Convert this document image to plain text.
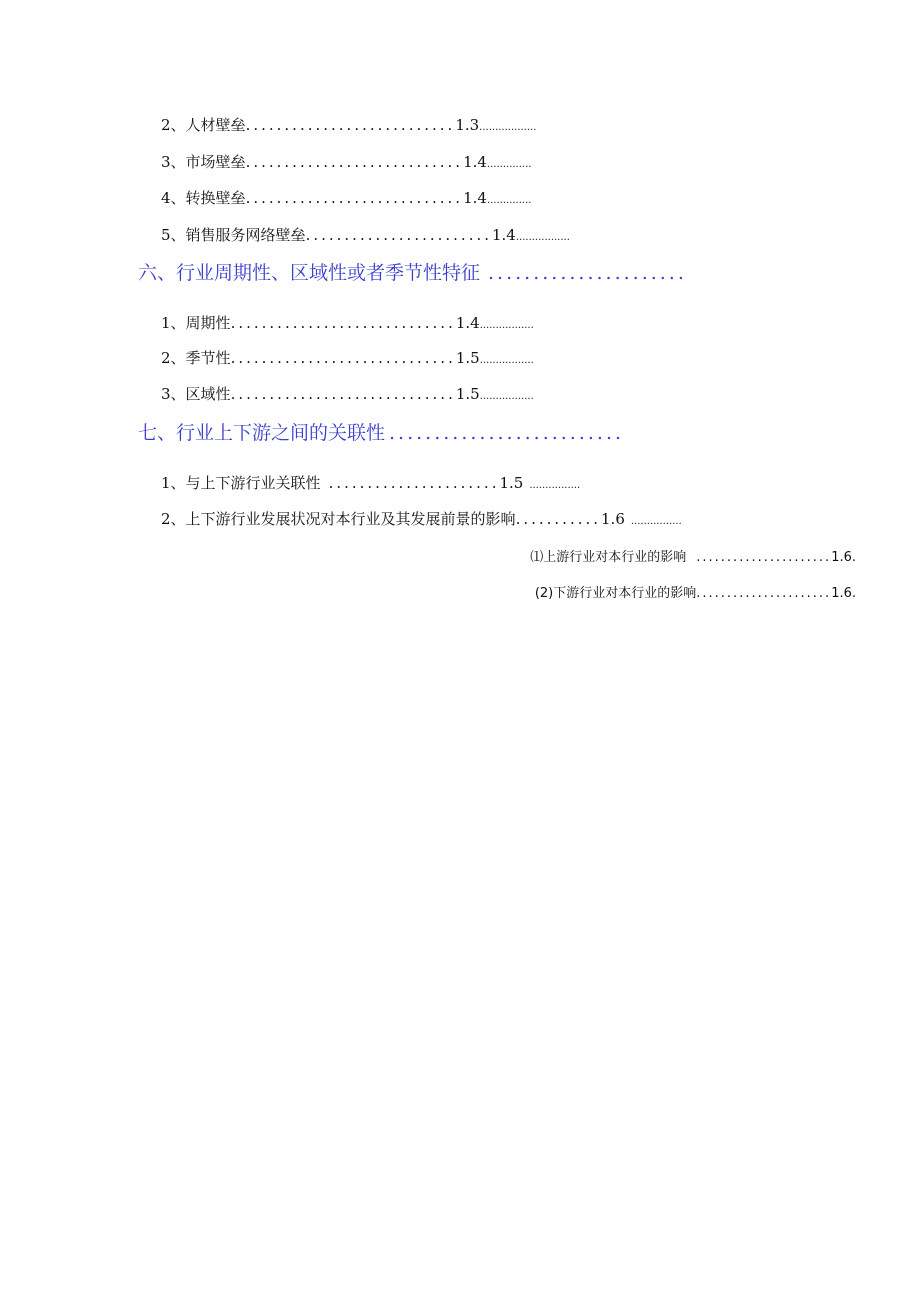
2、人材壁垒...........................1.3..................
3、市场壁垒............................1.4..............
4、转换壁垒............................1.4..............
5、销售服务网络壁垒........................1.4.................
六、行业周期性、区域性或者季节性特征 ......................
1、周期性.............................1.4.................
2、季节性.............................1.5.................
3、区域性.............................1.5.................
七、行业上下游之间的关联性 ..........................
1、与上下游行业关联性 ......................1.5 ................
2、上下游行业发展状况对本行业及其发展前景的影响...........1.6 ................
⑴上游行业对本行业的影响 ......................1.6.
(2)下游行业对本行业的影响......................1.6.
